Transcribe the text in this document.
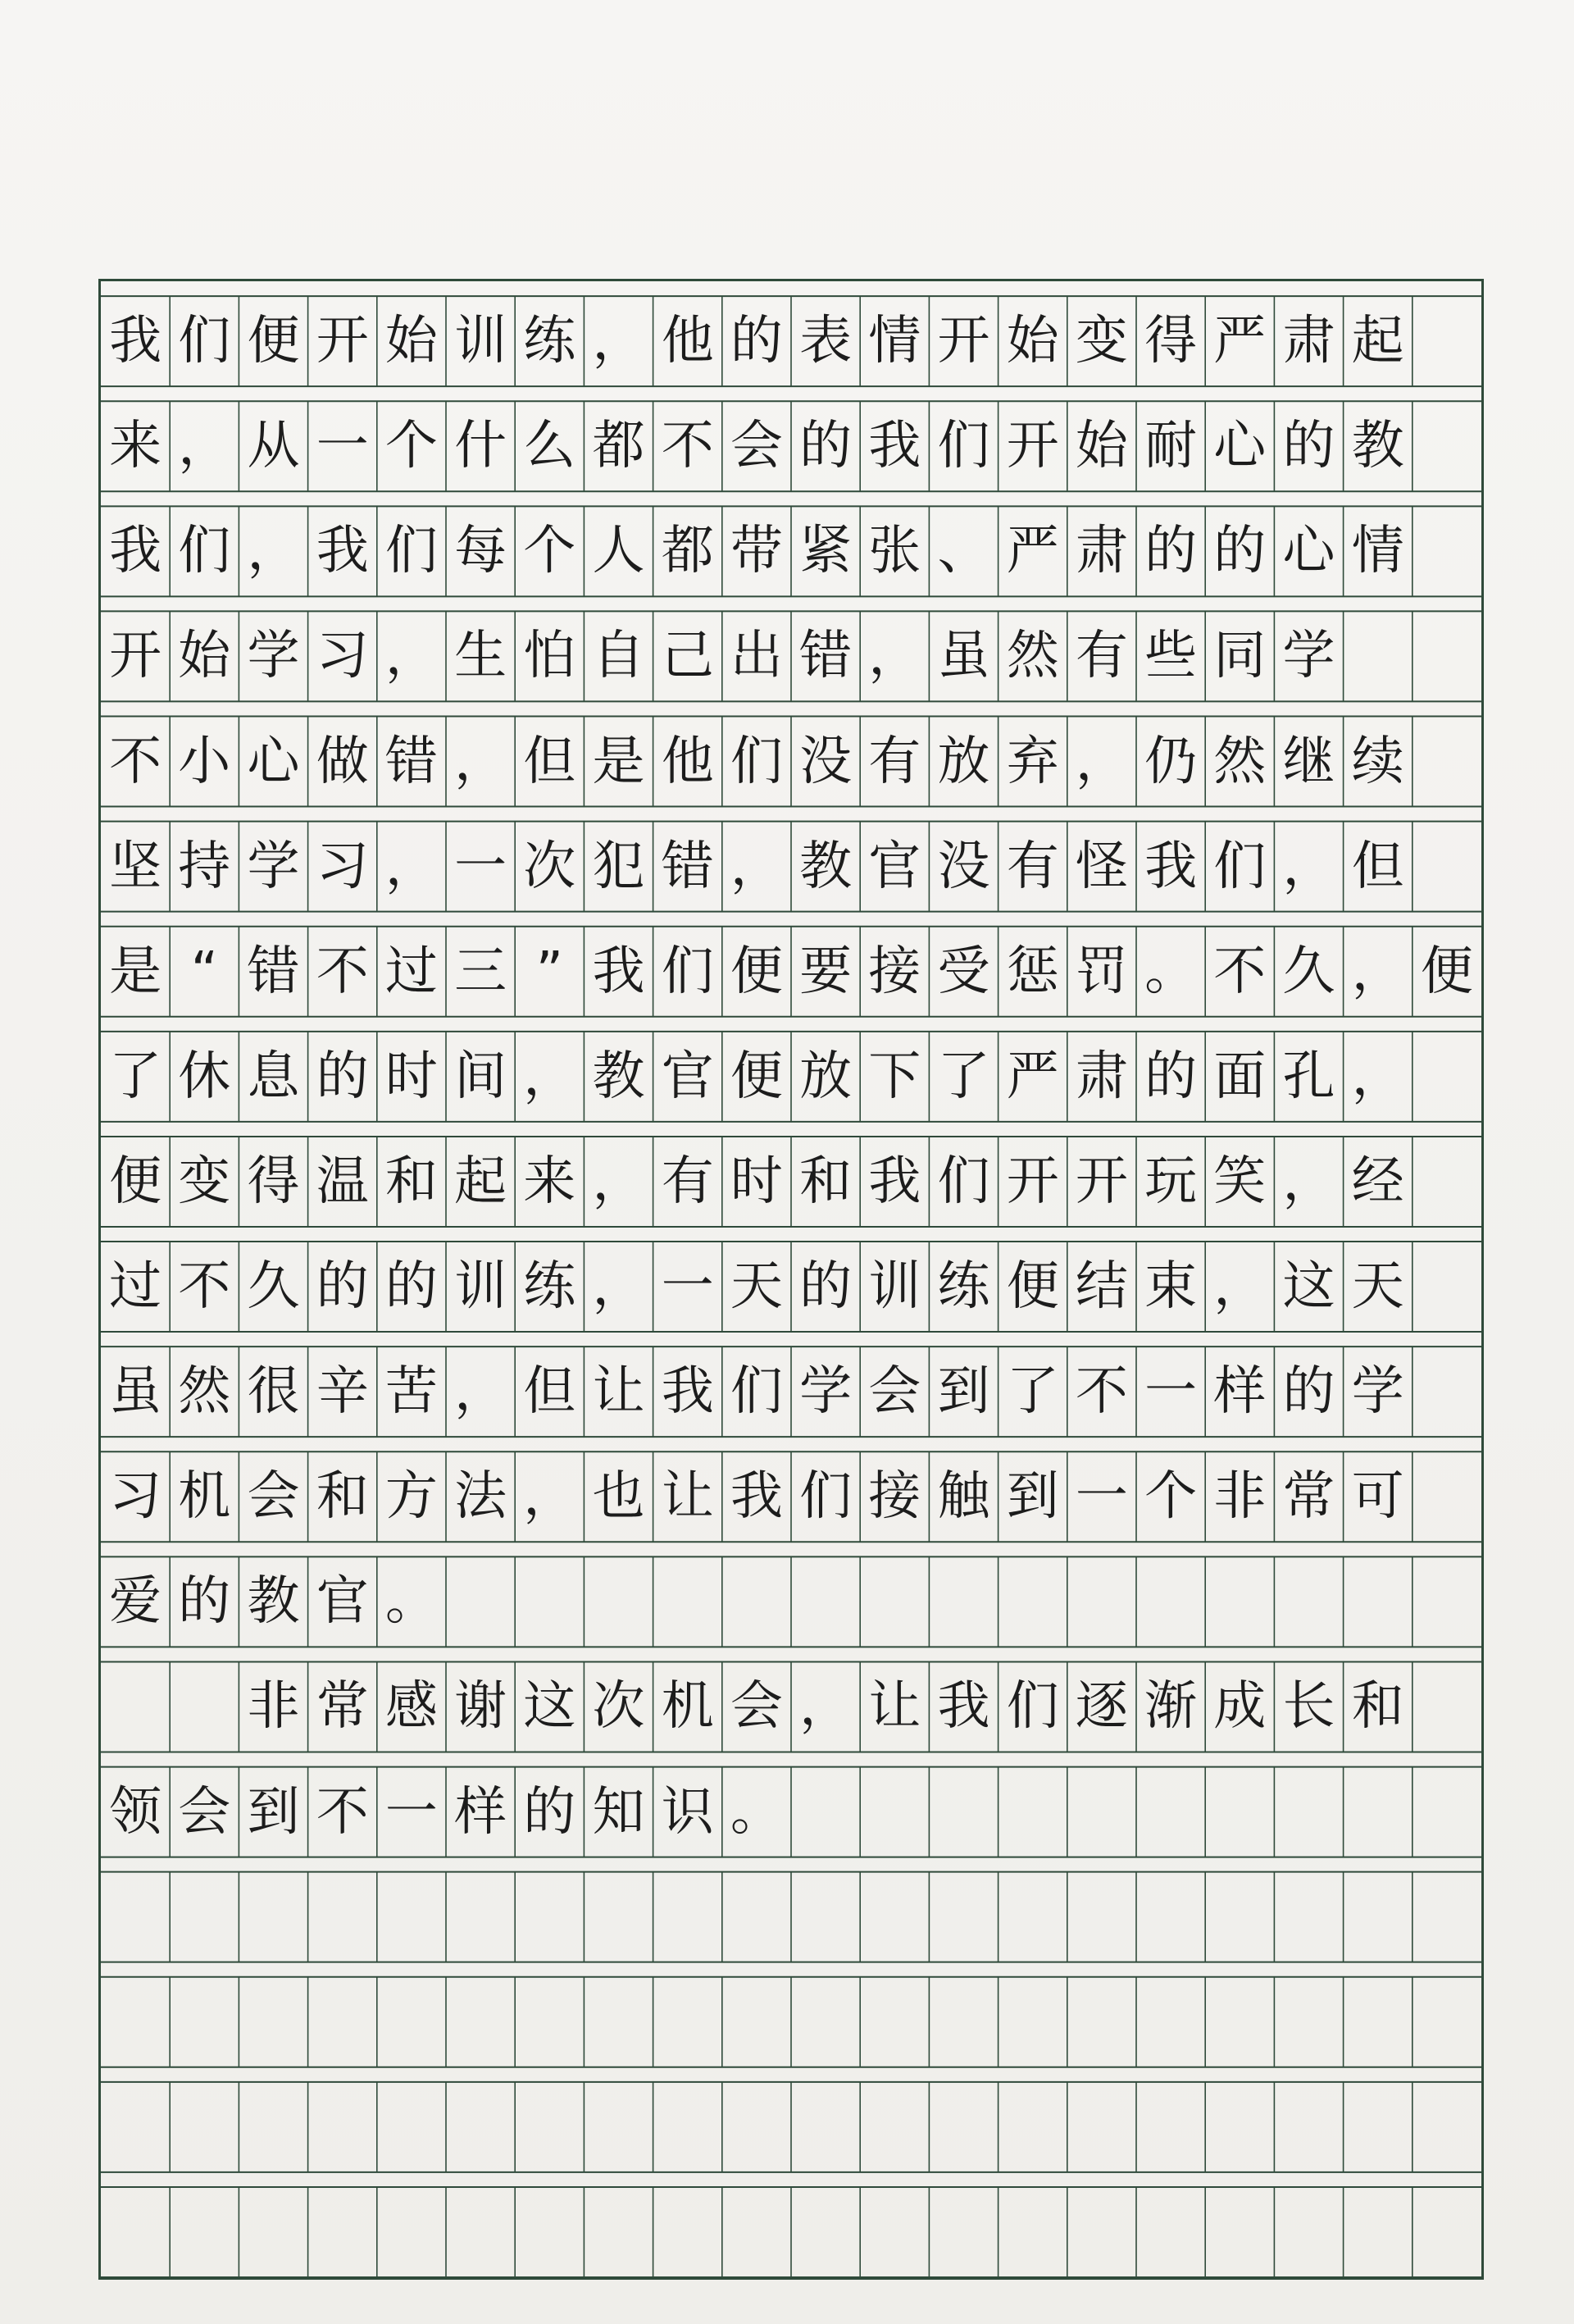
我 们 便 开 始 训 练 ， 他 的 表 情 开 始 变 得 严 肃 起
来 ， 从 一 个 什 么 都 不 会 的 我 们 开 始 耐 心 的 教
我 们 ， 我 们 每 个 人 都 带 紧 张 、 严 肃 的 的 心 情
开 始 学 习 ， 生 怕 自 己 出 错 ， 虽 然 有 些 同 学
不 小 心 做 错 ， 但 是 他 们 没 有 放 弃 ， 仍 然 继 续
坚 持 学 习 ， 一 次 犯 错 ， 教 官 没 有 怪 我 们 ， 但
是 “ 错 不 过 三 ” 我 们 便 要 接 受 惩 罚 。 不 久 ， 便
了 休 息 的 时 间 ， 教 官 便 放 下 了 严 肃 的 面 孔 ，
便 变 得 温 和 起 来 ， 有 时 和 我 们 开 开 玩 笑 ， 经
过 不 久 的 的 训 练 ， 一 天 的 训 练 便 结 束 ， 这 天
虽 然 很 辛 苦 ， 但 让 我 们 学 会 到 了 不 一 样 的 学
习 机 会 和 方 法 ， 也 让 我 们 接 触 到 一 个 非 常 可
爱 的 教 官 。
非 常 感 谢 这 次 机 会 ， 让 我 们 逐 渐 成 长 和
领 会 到 不 一 样 的 知 识 。
